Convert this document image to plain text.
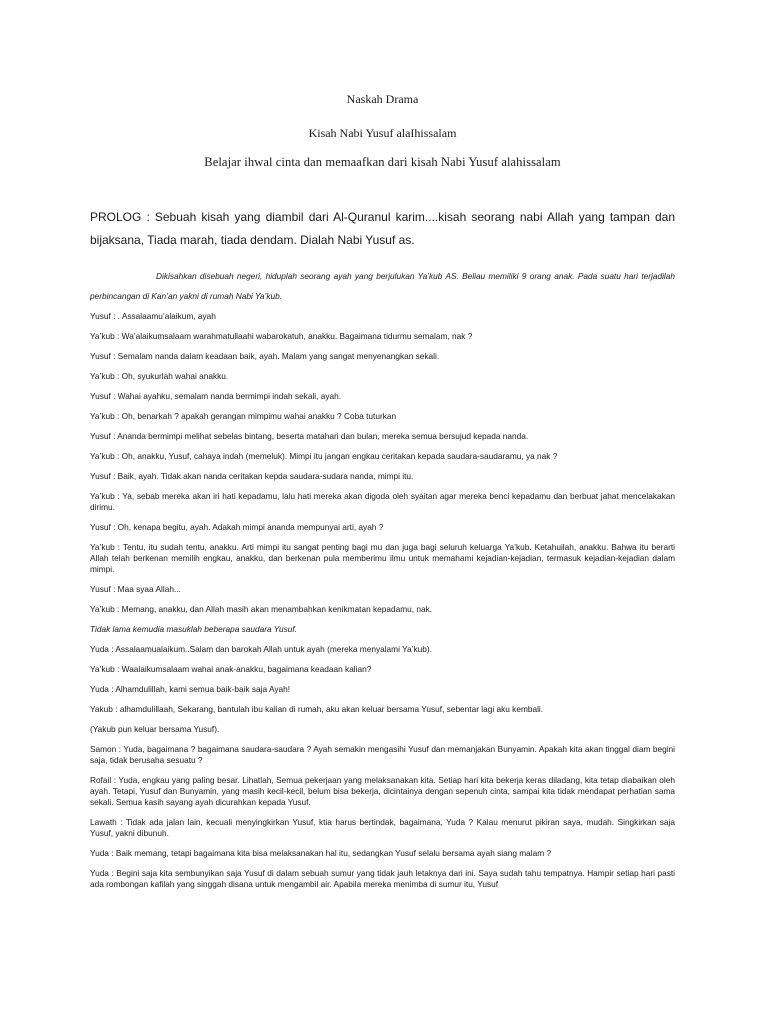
Naskah Drama
Kisah Nabi Yusuf alaIhissalam
Belajar ihwal cinta dan memaafkan dari kisah Nabi Yusuf alahissalam
PROLOG : Sebuah kisah yang diambil dari Al-Quranul karim....kisah seorang nabi Allah yang tampan dan bijaksana, Tiada marah, tiada dendam. Dialah Nabi Yusuf as.
Dikisahkan disebuah negeri, hiduplah seorang ayah yang berjulukan Ya’kub AS. Beliau memiliki 9 orang anak. Pada suatu hari terjadilah perbincangan di Kan’an yakni di rumah Nabi Ya’kub.
Yusuf : . Assalaamu’alaikum, ayah
Ya’kub : Wa’alaikumsalaam warahmatullaahi wabarokatuh, anakku. Bagaimana tidurmu semalam, nak ?
Yusuf : Semalam nanda dalam keadaan baik, ayah. Malam yang sangat menyenangkan sekali.
Ya’kub : Oh, syukurlah wahai anakku.
Yusuf : Wahai ayahku, semalam nanda bermimpi indah sekali, ayah.
Ya’kub : Oh, benarkah ? apakah gerangan mimpimu wahai anakku ? Coba tuturkan
Yusuf : Ananda bermimpi melihat sebelas bintang, beserta matahari dan bulan, mereka semua bersujud kepada nanda.
Ya’kub : Oh, anakku, Yusuf, cahaya indah (memeluk). Mimpi itu jangan engkau ceritakan kepada saudara-saudaramu, ya nak ?
Yusuf : Baik, ayah. Tidak akan nanda ceritakan kepda saudara-sudara nanda, mimpi itu.
Ya’kub : Ya, sebab mereka akan iri hati kepadamu, lalu hati mereka akan digoda oleh syaitan agar mereka benci kepadamu dan berbuat jahat mencelakakan dirimu.
Yusuf : Oh, kenapa begitu, ayah. Adakah mimpi ananda mempunyai arti, ayah ?
Ya’kub : Tentu, itu sudah tentu, anakku. Arti mimpi itu sangat penting bagi mu dan juga bagi seluruh keluarga Ya’kub. Ketahuilah, anakku. Bahwa itu berarti Allah telah berkenan memilih engkau, anakku, dan berkenan pula memberimu ilmu untuk memahami kejadian-kejadian, termasuk kejadian-kejadian dalam mimpi.
Yusuf : Maa syaa Allah...
Ya’kub : Memang, anakku, dan Allah masih akan menambahkan kenikmatan kepadamu, nak.
Tidak lama kemudia masuklah beberapa saudara Yusuf.
Yuda : Assalaamualaikum..Salam dan barokah Allah untuk ayah (mereka menyalami Ya’kub).
Ya’kub : Waalaikumsalaam wahai anak-anakku, bagaimana keadaan kalian?
Yuda : Alhamdulillah, kami semua baik-baik saja Ayah!
Yakub : alhamdulillaah, Sekarang, bantulah ibu kalian di rumah, aku akan keluar bersama Yusuf, sebentar lagi aku kembali.
(Yakub pun keluar bersama Yusuf).
Samon : Yuda, bagaimana ? bagaimana saudara-saudara ? Ayah semakin mengasihi Yusuf dan memanjakan Bunyamin. Apakah kita akan tinggal diam begini saja, tidak berusaha sesuatu ?
Rofail : Yuda, engkau yang paling besar. Lihatlah, Semua pekerjaan yang melaksanakan kita. Setiap hari kita bekerja keras diladang, kita tetap diabaikan oleh ayah. Tetapi, Yusuf dan Bunyamin, yang masih kecil-kecil, belum bisa bekerja, dicintainya dengan sepenuh cinta, sampai kita tidak mendapat perhatian sama sekali. Semua kasih sayang ayah dicurahkan kepada Yusuf.
Lawath : Tidak ada jalan lain, kecuali menyingkirkan Yusuf, ktia harus bertindak, bagaimana, Yuda ? Kalau menurut pikiran saya, mudah. Singkirkan saja Yusuf, yakni dibunuh.
Yuda : Baik memang, tetapi bagaimana kita bisa melaksanakan hal itu, sedangkan Yusuf selalu bersama ayah siang malam ?
Yuda : Begini saja kita sembunyikan saja Yusuf di dalam sebuah sumur yang tidak jauh letaknya dari ini. Saya sudah tahu tempatnya. Hampir setiap hari pasti ada rombongan kafilah yang singgah disana untuk mengambil air. Apabila mereka menimba di sumur itu, Yusuf
